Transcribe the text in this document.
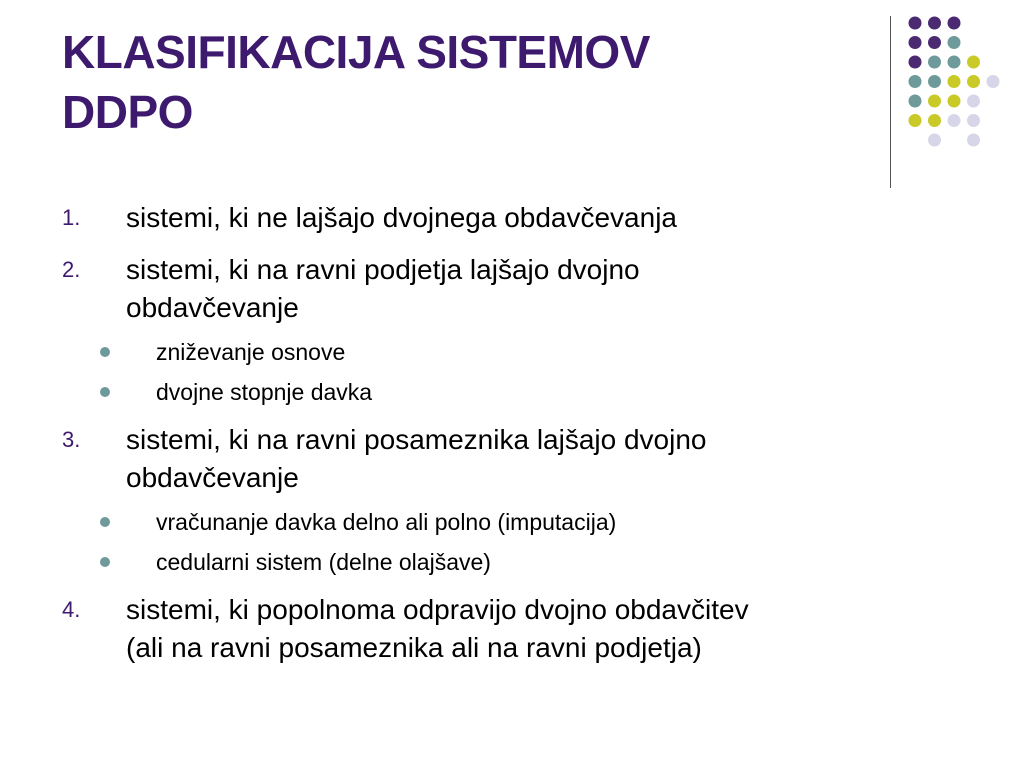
KLASIFIKACIJA SISTEMOV
DDPO
1. sistemi, ki ne lajšajo dvojnega obdavčevanja
2. sistemi, ki na ravni podjetja lajšajo dvojno
obdavčevanje
zniževanje osnove
dvojne stopnje davka
3. sistemi, ki na ravni posameznika lajšajo dvojno
obdavčevanje
vračunanje davka delno ali polno (imputacija)
cedularni sistem (delne olajšave)
4. sistemi, ki popolnoma odpravijo dvojno obdavčitev
(ali na ravni posameznika ali na ravni podjetja)
